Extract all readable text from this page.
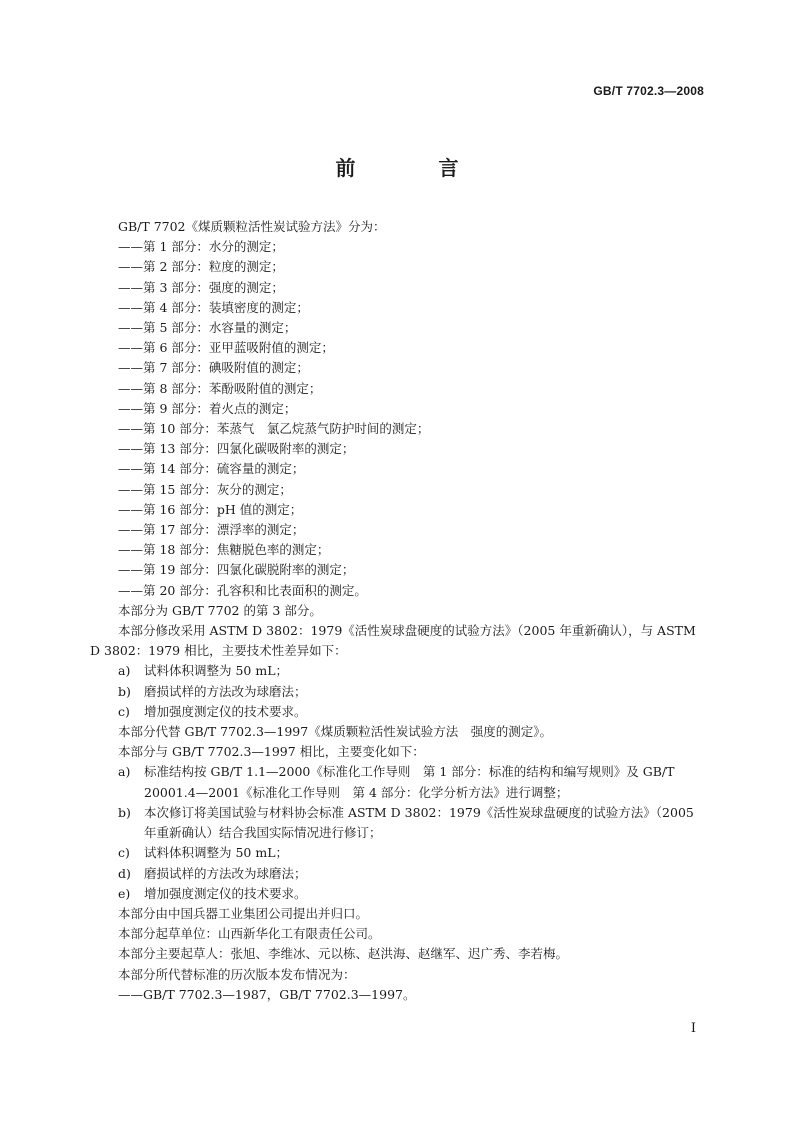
GB/T 7702.3—2008
前 言

GB/T 7702《煤质颗粒活性炭试验方法》分为：

——第 1 部分：水分的测定；

——第 2 部分：粒度的测定；

——第 3 部分：强度的测定；

——第 4 部分：装填密度的测定；

——第 5 部分：水容量的测定；

——第 6 部分：亚甲蓝吸附值的测定；

——第 7 部分：碘吸附值的测定；

——第 8 部分：苯酚吸附值的测定；

——第 9 部分：着火点的测定；

——第 10 部分：苯蒸气　氯乙烷蒸气防护时间的测定；

——第 13 部分：四氯化碳吸附率的测定；

——第 14 部分：硫容量的测定；

——第 15 部分：灰分的测定；

——第 16 部分：pH 值的测定；

——第 17 部分：漂浮率的测定；

——第 18 部分：焦糖脱色率的测定；

——第 19 部分：四氯化碳脱附率的测定；

——第 20 部分：孔容积和比表面积的测定。

本部分为 GB/T 7702 的第 3 部分。

本部分修改采用 ASTM D 3802：1979《活性炭球盘硬度的试验方法》（2005 年重新确认），与 ASTM D 3802：1979 相比，主要技术性差异如下：

a)	试料体积调整为 50 mL；
b)	磨损试样的方法改为球磨法；
c)	增加强度测定仪的技术要求。

本部分代替 GB/T 7702.3—1997《煤质颗粒活性炭试验方法　强度的测定》。

本部分与 GB/T 7702.3—1997 相比，主要变化如下：

a)	标准结构按 GB/T 1.1—2000《标准化工作导则　第 1 部分：标准的结构和编写规则》及 GB/T 20001.4—2001《标准化工作导则　第 4 部分：化学分析方法》进行调整；
b)	本次修订将美国试验与材料协会标准 ASTM D 3802：1979《活性炭球盘硬度的试验方法》（2005 年重新确认）结合我国实际情况进行修订；
c)	试料体积调整为 50 mL；
d)	磨损试样的方法改为球磨法；
e)	增加强度测定仪的技术要求。

本部分由中国兵器工业集团公司提出并归口。

本部分起草单位：山西新华化工有限责任公司。

本部分主要起草人：张旭、李维冰、元以栋、赵洪海、赵继军、迟广秀、李若梅。

本部分所代替标准的历次版本发布情况为：

——GB/T 7702.3—1987，GB/T 7702.3—1997。

I
